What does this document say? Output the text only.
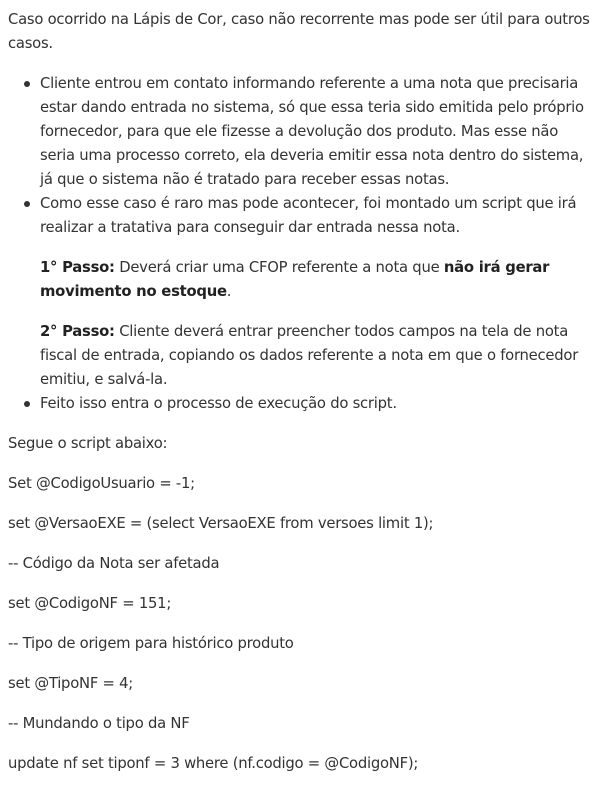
Caso ocorrido na Lápis de Cor, caso não recorrente mas pode ser útil para outros casos.

Cliente entrou em contato informando referente a uma nota que precisaria estar dando entrada no sistema, só que essa teria sido emitida pelo próprio fornecedor, para que ele fizesse a devolução dos produto. Mas esse não seria uma processo correto, ela deveria emitir essa nota dentro do sistema, já que o sistema não é tratado para receber essas notas.
Como esse caso é raro mas pode acontecer, foi montado um script que irá realizar a tratativa para conseguir dar entrada nessa nota.

1° Passo: Deverá criar uma CFOP referente a nota que não irá gerar movimento no estoque.

2° Passo: Cliente deverá entrar preencher todos campos na tela de nota fiscal de entrada, copiando os dados referente a nota em que o fornecedor emitiu, e salvá-la.

Feito isso entra o processo de execução do script.

Segue o script abaixo:

Set @CodigoUsuario = -1;

set @VersaoEXE = (select VersaoEXE from versoes limit 1);

-- Código da Nota ser afetada

set @CodigoNF = 151;

-- Tipo de origem para histórico produto

set @TipoNF = 4;

-- Mundando o tipo da NF

update nf set tiponf = 3 where (nf.codigo = @CodigoNF);
